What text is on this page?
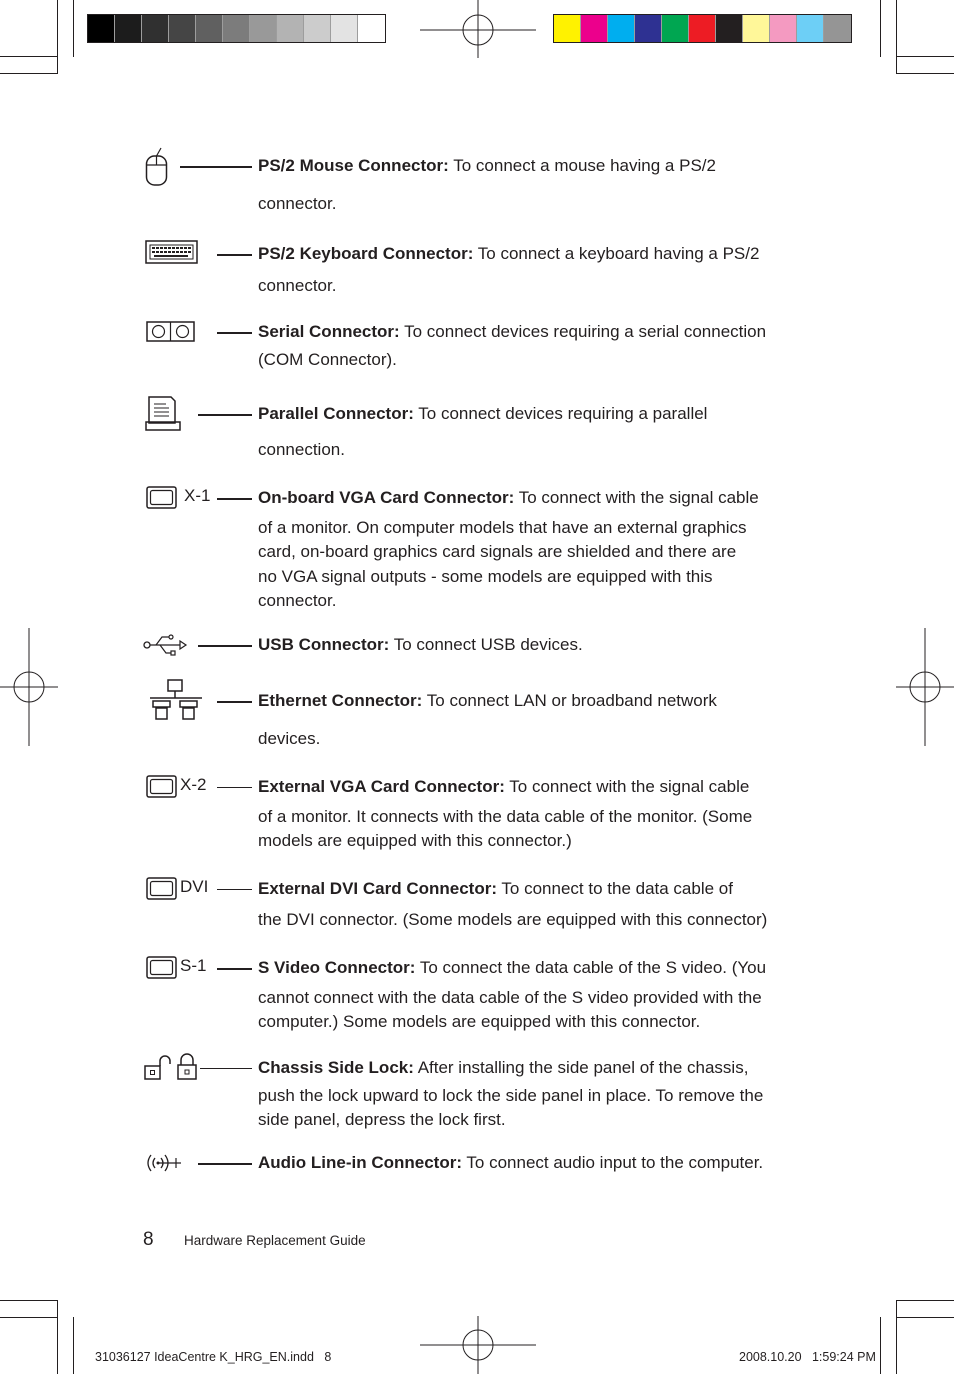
PS/2 Mouse Connector: To connect a mouse having a PS/2
connector.
PS/2 Keyboard Connector: To connect a keyboard having a PS/2
connector.
Serial Connector: To connect devices requiring a serial connection
(COM Connector).
Parallel Connector: To connect devices requiring a parallel
connection.
X-1	On-board VGA Card Connector: To connect with the signal cable
of a monitor. On computer models that have an external graphics
card, on-board graphics card signals are shielded and there are
no VGA signal outputs - some models are equipped with this
connector.
USB Connector: To connect USB devices.
Ethernet Connector: To connect LAN or broadband network
devices.
X-2	External VGA Card Connector: To connect with the signal cable
of a monitor. It connects with the data cable of the monitor. (Some
models are equipped with this connector.)
DVI	External DVI Card Connector: To connect to the data cable of
the DVI connector. (Some models are equipped with this connector)
S-1	S Video Connector: To connect the data cable of the S video. (You
cannot connect with the data cable of the S video provided with the
computer.) Some models are equipped with this connector.
Chassis Side Lock: After installing the side panel of the chassis,
push the lock upward to lock the side panel in place. To remove the
side panel, depress the lock first.
Audio Line-in Connector: To connect audio input to the computer.
8 Hardware Replacement Guide
31036127 IdeaCentre K_HRG_EN.indd   8	2008.10.20   1:59:24 PM
